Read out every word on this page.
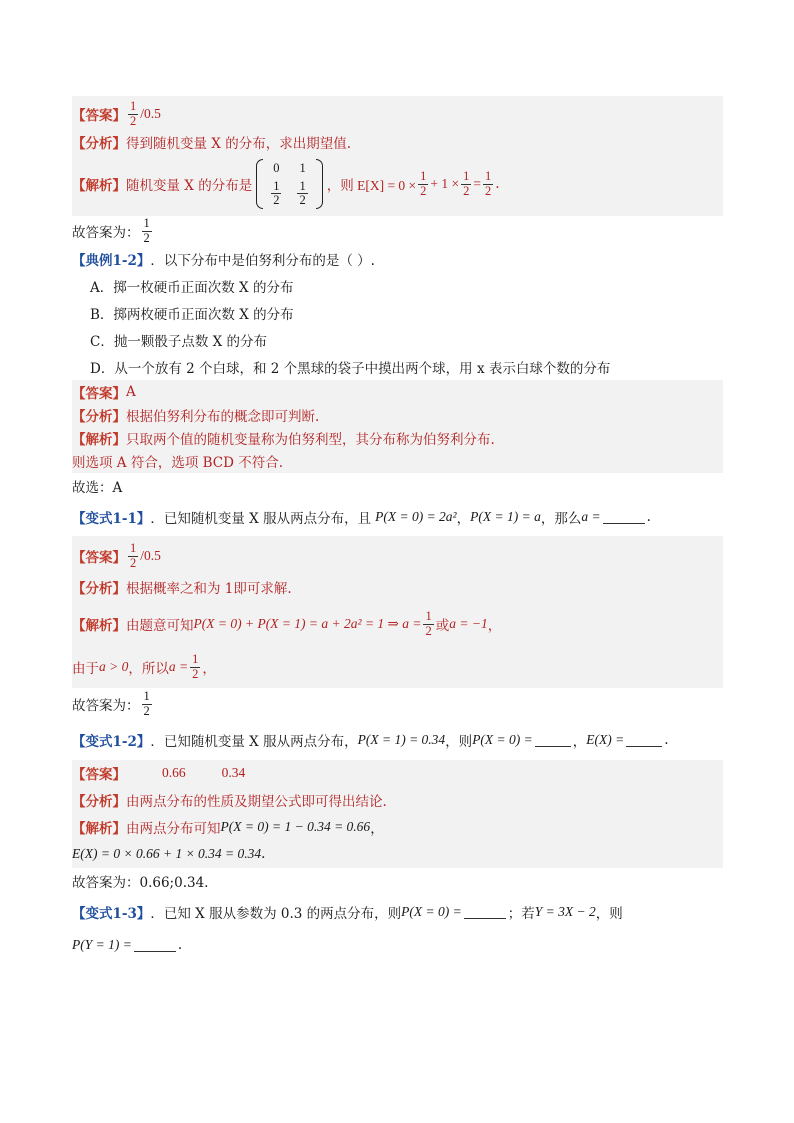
【答案】 $\frac{1}{2} /0.5$
【分析】 得到随机变量 X 的分布，求出期望值.
【解析】 随机变量 X 的分布是
0	1

$\frac{1}{2}$	$\frac{1}{2}$ ，则 $E[X] = 0 \times \frac{1}{2} + 1 \times \frac{1}{2} = \frac{1}{2}$ .
故答案为： $\frac{1}{2}$
【典例1-2】 ．以下分布中是伯努利分布的是（ ）.
A．掷一枚硬币正面次数 X 的分布
B．掷两枚硬币正面次数 X 的分布
C．抛一颗骰子点数 X 的分布
D．从一个放有 2 个白球，和 2 个黑球的袋子中摸出两个球，用 x 表示白球个数的分布
【答案】 A
【分析】 根据伯努利分布的概念即可判断.
【解析】 只取两个值的随机变量称为伯努利型，其分布称为伯努利分布.
则选项 A 符合，选项 BCD 不符合.
故选：A
【变式1-1】 ．已知随机变量 X 服从两点分布，且 P(X = 0) = 2a² ， P(X = 1) = a ，那么 a =	.
【答案】 $\frac{1}{2} /0.5$
【分析】 根据概率之和为 1即可求解.
【解析】 由题意可知 P(X = 0) + P(X = 1) = a + 2a² = 1 ⇒ $a = \frac{1}{2}$ 或 a = −1 ，
由于 a > 0 ，所以 $a = \frac{1}{2}$ ，
故答案为： $\frac{1}{2}$
【变式1-2】 ．已知随机变量 X 服从两点分布， P(X = 1) = 0.34 ，则 P(X = 0) =	， E(X) =	.
【答案】	0.66	0.34
【分析】 由两点分布的性质及期望公式即可得出结论.
【解析】 由两点分布可知 P(X = 0) = 1 − 0.34 = 0.66 ，
E(X) = 0 × 0.66 + 1 × 0.34 = 0.34 .
故答案为：0.66;0.34.
【变式1-3】 ．已知 X 服从参数为 0.3 的两点分布，则 P(X = 0) =	；若 Y = 3X − 2 ，则
P(Y = 1) =	.
